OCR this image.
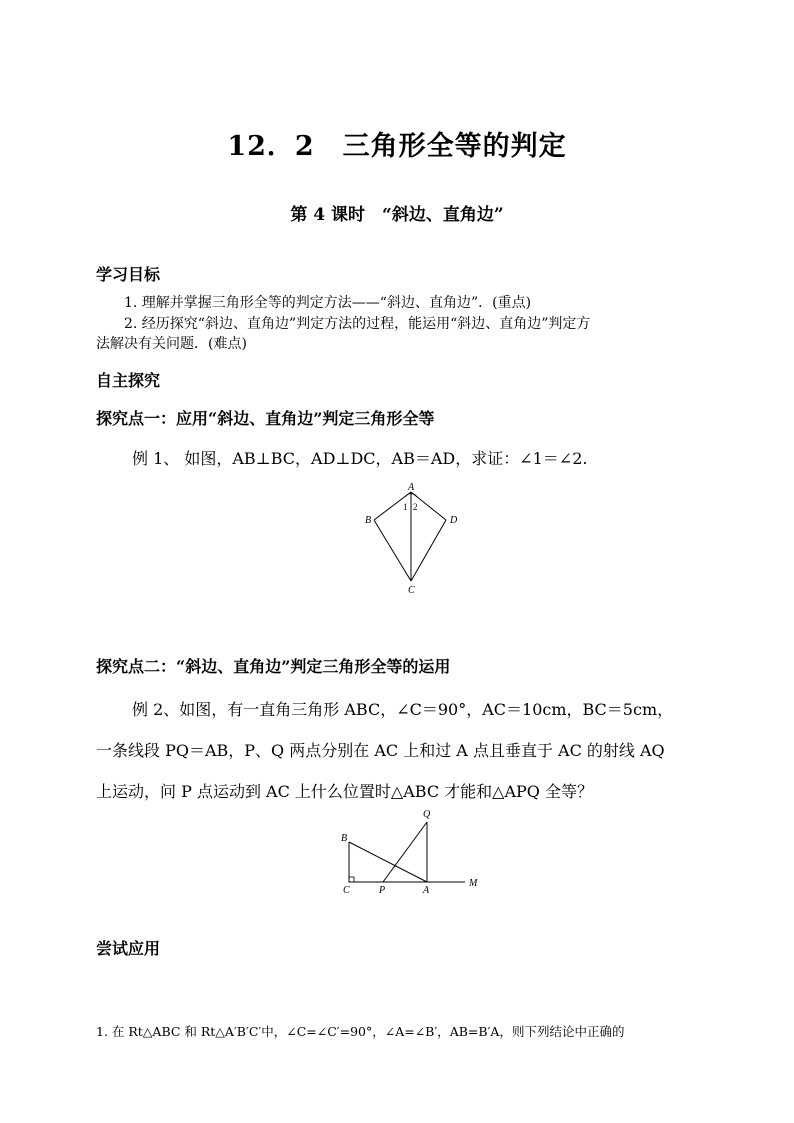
12．2　三角形全等的判定
第 4 课时　“斜边、直角边”
学习目标
1. 理解并掌握三角形全等的判定方法——“斜边、直角边”．(重点)
2. 经历探究“斜边、直角边”判定方法的过程，能运用“斜边、直角边”判定方
法解决有关问题．(难点)
自主探究
探究点一：应用“斜边、直角边”判定三角形全等
例 1、 如图，AB⊥BC，AD⊥DC，AB＝AD，求证：∠1＝∠2.
A
B	D
C
1 2
探究点二：“斜边、直角边”判定三角形全等的运用
例 2、如图，有一直角三角形 ABC，∠C＝90°，AC＝10cm，BC＝5cm，
一条线段 PQ＝AB，P、Q 两点分别在 AC 上和过 A 点且垂直于 AC 的射线 AQ
上运动，问 P 点运动到 AC 上什么位置时△ABC 才能和△APQ 全等？
Q
B
C	P	A
M
尝试应用
1. 在 Rt△ABC 和 Rt△A′B′C′中，∠C=∠C′=90°，∠A=∠B′，AB=B′A，则下列结论中正确的
